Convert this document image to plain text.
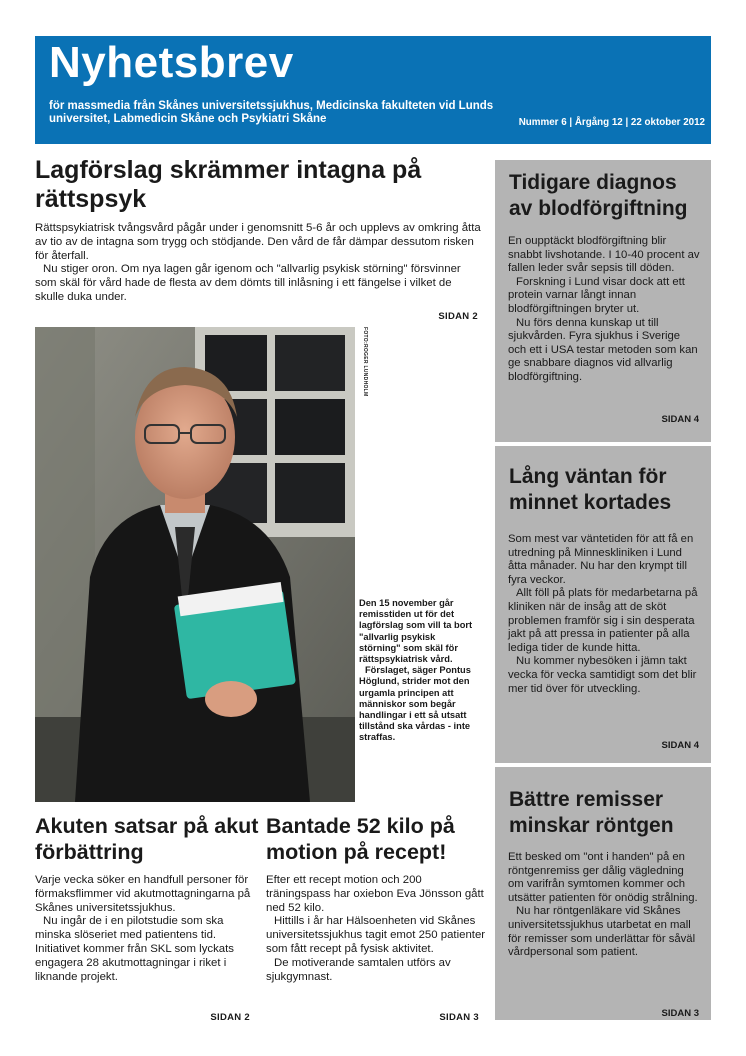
Nyhetsbrev
för massmedia från Skånes universitetssjukhus, Medicinska fakulteten vid Lunds universitet, Labmedicin Skåne och Psykiatri Skåne	Nummer 6 | Årgång 12 | 22 oktober 2012
Lagförslag skrämmer intagna på rättspsyk

Rättspsykiatrisk tvångsvård pågår under i genomsnitt 5-6 år och upplevs av omkring åtta av tio av de intagna som trygg och stödjande. Den vård de får dämpar dessutom risken för återfall.

Nu stiger oron. Om nya lagen går igenom och "allvarlig psykisk störning" försvinner som skäl för vård hade de flesta av dem dömts till inlåsning i ett fängelse i vilket de skulle duka under.

SIDAN 2
FOTO:ROGER LUNDHOLM

Den 15 november går remisstiden ut för det lagförslag som vill ta bort "allvarlig psykisk störning" som skäl för rättspsykiatrisk vård.

Förslaget, säger Pontus Höglund, strider mot den urgamla principen att människor som begår handlingar i ett så utsatt tillstånd ska vårdas - inte straffas.

Akuten satsar på akut förbättring

Varje vecka söker en handfull personer för förmaksflimmer vid akutmottagningarna på Skånes universitetssjukhus.

Nu ingår de i en pilotstudie som ska minska slöseriet med patientens tid. Initiativet kommer från SKL som lyckats engagera 28 akutmottagningar i riket i liknande projekt.

SIDAN 2
Bantade 52 kilo på motion på recept!

Efter ett recept motion och 200 träningspass har oxiebon Eva Jönsson gått ned 52 kilo.

Hittills i år har Hälsoenheten vid Skånes universitetssjukhus tagit emot 250 patienter som fått recept på fysisk aktivitet.

De motiverande samtalen utförs av sjukgymnast.

SIDAN 3
Tidigare diagnos av blodförgiftning

En oupptäckt blodförgiftning blir snabbt livshotande. I 10-40 procent av fallen leder svår sepsis till döden.

Forskning i Lund visar dock att ett protein varnar långt innan blodförgiftningen bryter ut.

Nu förs denna kunskap ut till sjukvården. Fyra sjukhus i Sverige och ett i USA testar metoden som kan ge snabbare diagnos vid allvarlig blodförgiftning.

SIDAN 4
Lång väntan för minnet kortades

Som mest var väntetiden för att få en utredning på Minneskliniken i Lund åtta månader. Nu har den krympt till fyra veckor.

Allt föll på plats för medarbetarna på kliniken när de insåg att de sköt problemen framför sig i sin desperata jakt på att pressa in patienter på alla lediga tider de kunde hitta.

Nu kommer nybesöken i jämn takt vecka för vecka samtidigt som det blir mer tid över för utveckling.

SIDAN 4
Bättre remisser minskar röntgen

Ett besked om "ont i handen" på en röntgenremiss ger dålig vägledning om varifrån symtomen kommer och utsätter patienten för onödig strålning.

Nu har röntgenläkare vid Skånes universitetssjukhus utarbetat en mall för remisser som underlättar för såväl vårdpersonal som patient.

SIDAN 3
